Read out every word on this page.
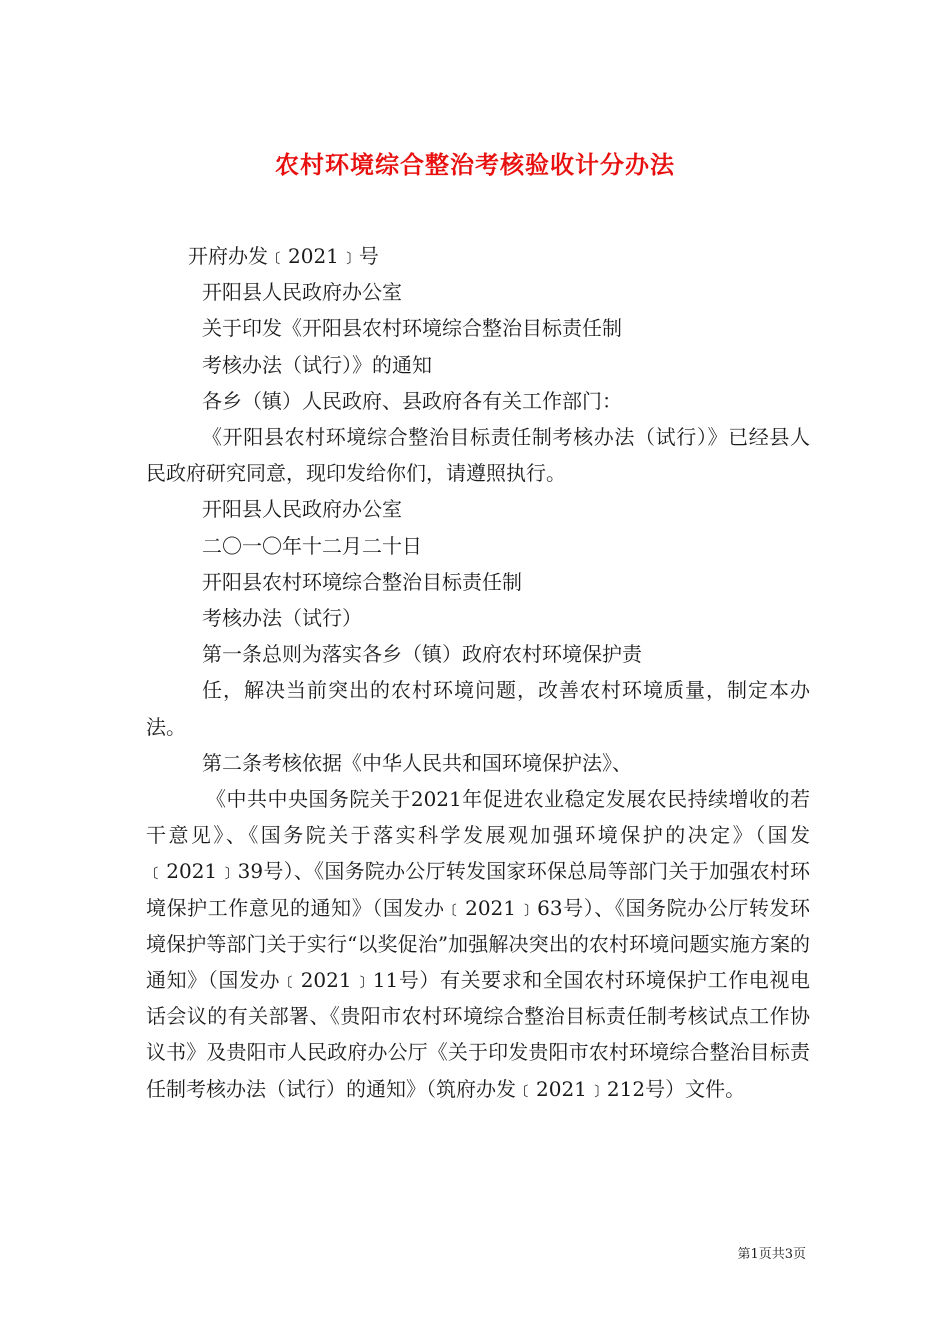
农村环境综合整治考核验收计分办法

开府办发﹝2021﹞号

开阳县人民政府办公室

关于印发《开阳县农村环境综合整治目标责任制

考核办法（试行）》的通知

各乡（镇）人民政府、县政府各有关工作部门：

《开阳县农村环境综合整治目标责任制考核办法（试行）》已经县人民政府研究同意，现印发给你们，请遵照执行。

开阳县人民政府办公室

二〇一〇年十二月二十日

开阳县农村环境综合整治目标责任制

考核办法（试行）

第一条总则为落实各乡（镇）政府农村环境保护责

任，解决当前突出的农村环境问题，改善农村环境质量，制定本办法。

第二条考核依据《中华人民共和国环境保护法》、

《中共中央国务院关于2021年促进农业稳定发展农民持续增收的若干意见》、《国务院关于落实科学发展观加强环境保护的决定》（国发﹝2021﹞39号）、《国务院办公厅转发国家环保总局等部门关于加强农村环境保护工作意见的通知》（国发办﹝2021﹞63号）、《国务院办公厅转发环境保护等部门关于实行“以奖促治”加强解决突出的农村环境问题实施方案的通知》（国发办﹝2021﹞11号）有关要求和全国农村环境保护工作电视电话会议的有关部署、《贵阳市农村环境综合整治目标责任制考核试点工作协议书》及贵阳市人民政府办公厅《关于印发贵阳市农村环境综合整治目标责任制考核办法（试行）的通知》（筑府办发﹝2021﹞212号）文件。

第1页共3页
